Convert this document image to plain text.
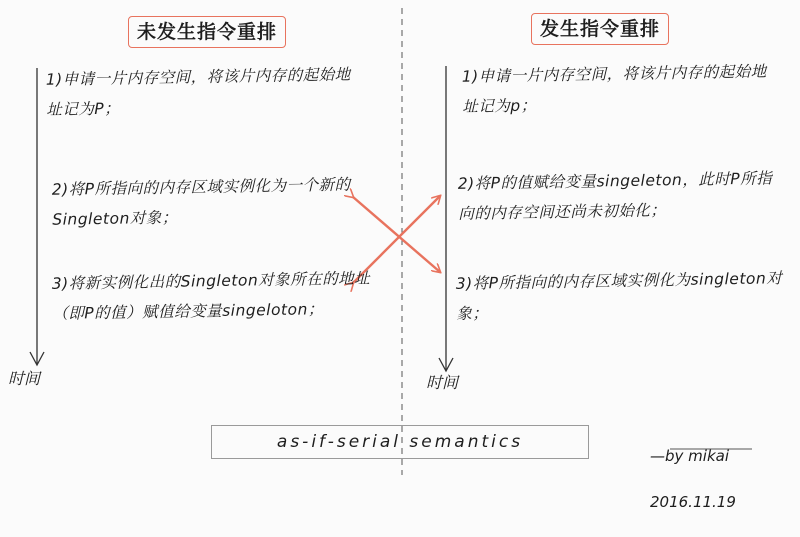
未发生指令重排	发生指令重排
1)申请一片内存空间，将该片内存的起始地址记为P；
2)将P所指向的内存区域实例化为一个新的Singleton对象；
3)将新实例化出的Singleton对象所在的地址（即P的值）赋值给变量singeloton；
1)申请一片内存空间，将该片内存的起始地址记为p；
2)将P的值赋给变量singeleton，此时P所指向的内存空间还尚未初始化；
3)将P所指向的内存区域实例化为singleton对象；
时间	时间
as-if-serial semantics

—by mikai

2016.11.19
